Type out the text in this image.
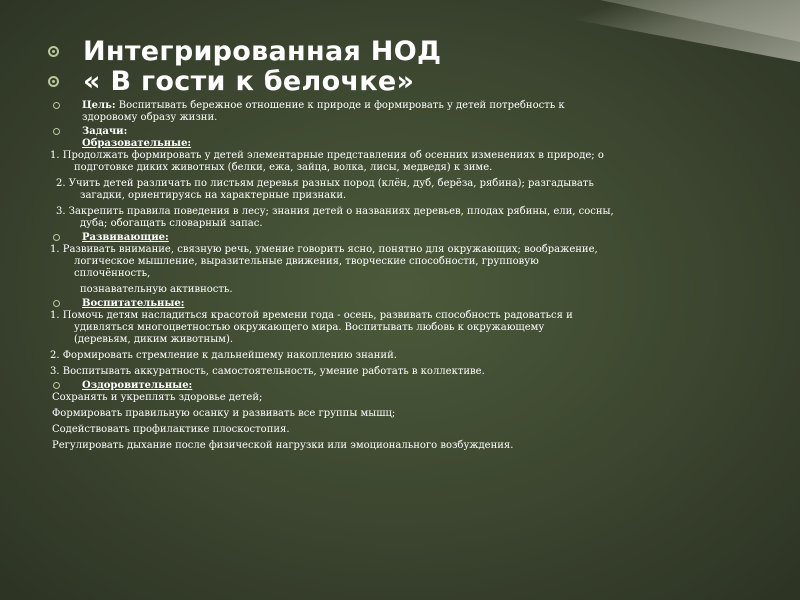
Интегрированная НОД
« В гости к белочке»
Цель: Воспитывать бережное отношение к природе и формировать у детей потребность к
здоровому образу жизни.
Задачи:
Образовательные:
1. Продолжать формировать у детей элементарные представления об осенних изменениях в природе; о
подготовке диких животных (белки, ежа, зайца, волка, лисы, медведя) к зиме.
2. Учить детей различать по листьям деревья разных пород (клён, дуб, берёза, рябина); разгадывать
загадки, ориентируясь на характерные признаки.
3. Закрепить правила поведения в лесу; знания детей о названиях деревьев, плодах рябины, ели, сосны,
дуба; обогащать словарный запас.
Развивающие:
1. Развивать внимание, связную речь, умение говорить ясно, понятно для окружающих; воображение,
логическое мышление, выразительные движения, творческие способности, групповую
сплочённость,
познавательную активность.
Воспитательные:
1. Помочь детям насладиться красотой времени года - осень, развивать способность радоваться и
удивляться многоцветностью окружающего мира. Воспитывать любовь к окружающему
(деревьям, диким животным).
2. Формировать стремление к дальнейшему накоплению знаний.
3. Воспитывать аккуратность, самостоятельность, умение работать в коллективе.
Оздоровительные:
Сохранять и укреплять здоровье детей;
Формировать правильную осанку и развивать все группы мышц;
Содействовать профилактике плоскостопия.
Регулировать дыхание после физической нагрузки или эмоционального возбуждения.
